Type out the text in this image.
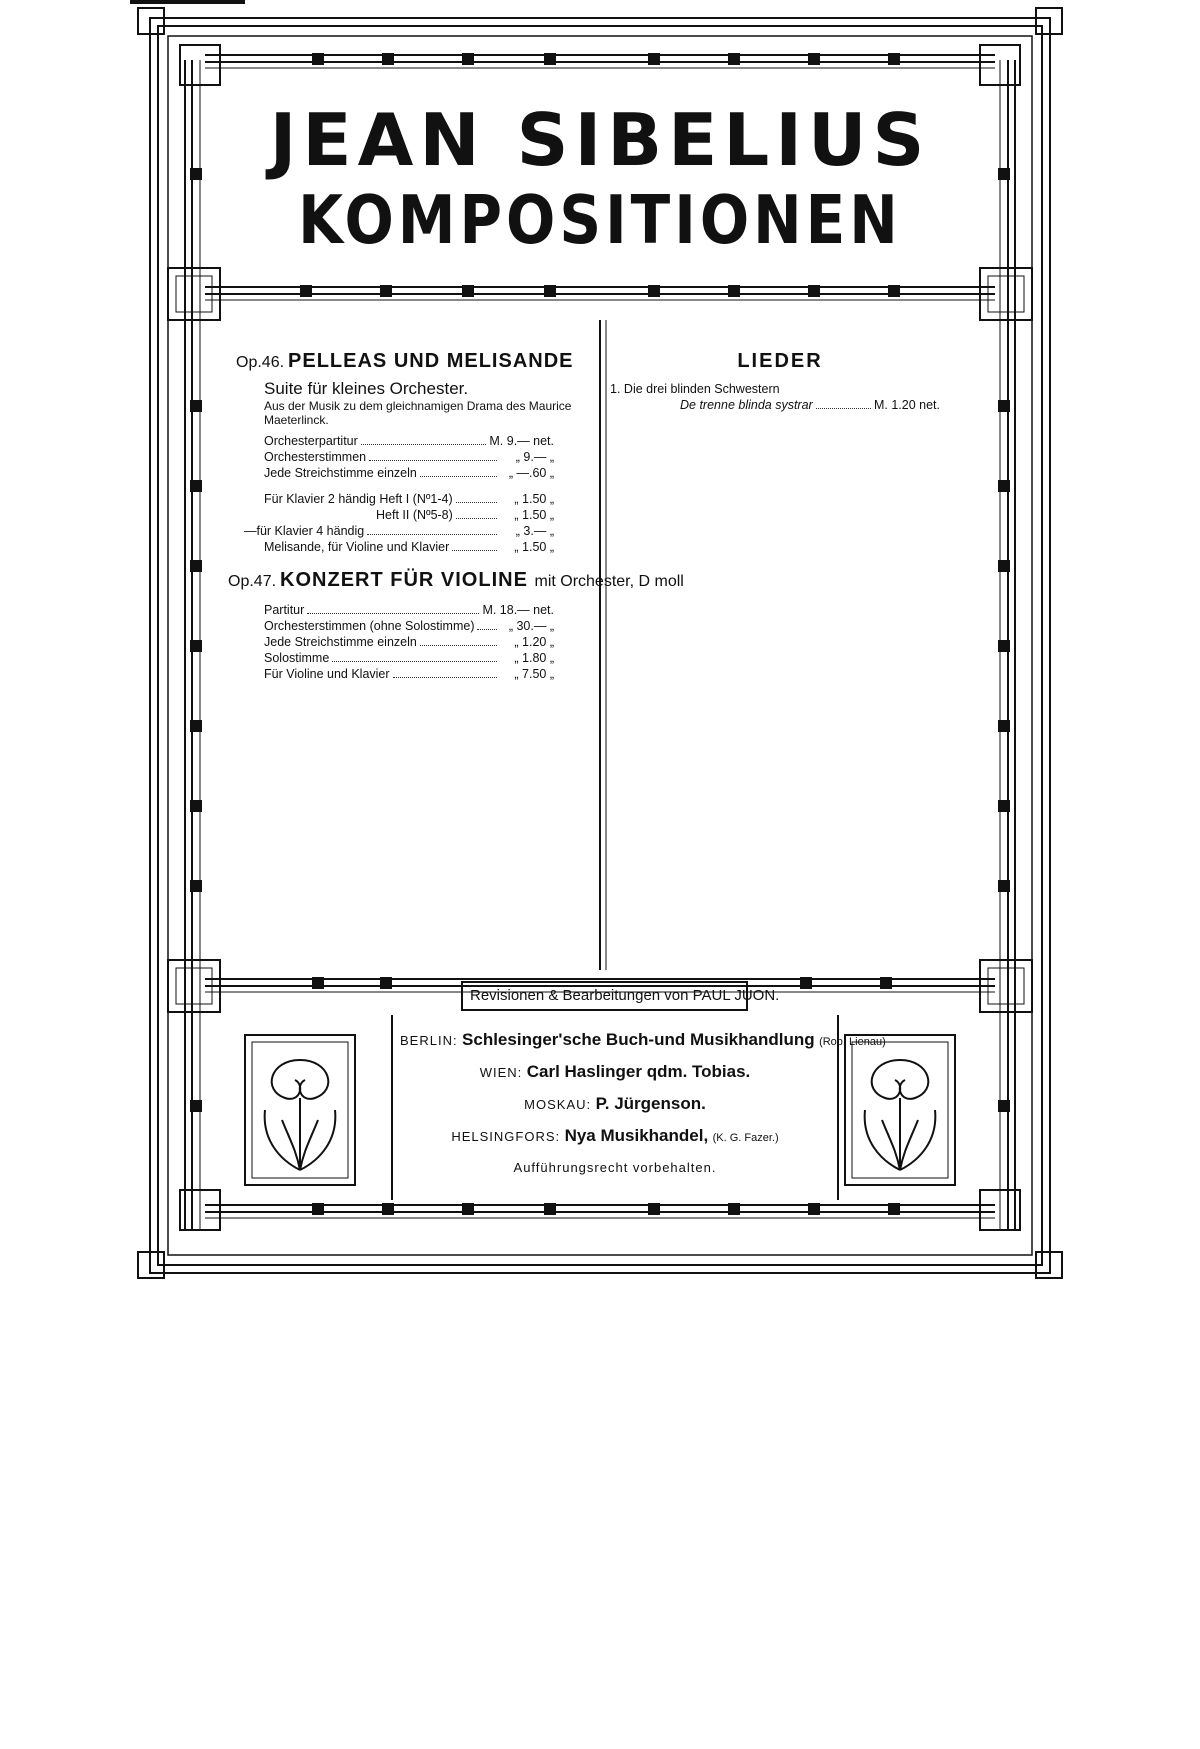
JEAN SIBELIUS
KOMPOSITIONEN
Op.46. PELLEAS UND MELISANDE
Suite für kleines Orchester.
Aus der Musik zu dem gleichnamigen Drama des Maurice Maeterlinck.
Orchesterpartitur	M. 9.— net.
Orchesterstimmen	„ 9.— „
Jede Streichstimme einzeln	„ —.60 „
Für Klavier 2 händig Heft I (Nº1-4)	„ 1.50 „
Heft II (Nº5-8)	„ 1.50 „
—für Klavier 4 händig	„ 3.— „
Melisande, für Violine und Klavier	„ 1.50 „
Op.47. KONZERT FÜR VIOLINE mit Orchester, D moll
Partitur	M. 18.— net.
Orchesterstimmen (ohne Solostimme)	„ 30.— „
Jede Streichstimme einzeln	„ 1.20 „
Solostimme	„ 1.80 „
Für Violine und Klavier	„ 7.50 „
LIEDER
1. Die drei blinden Schwestern
De trenne blinda systrar	M. 1.20 net.
Revisionen & Bearbeitungen von PAUL JUON.
BERLIN: Schlesinger'sche Buch-und Musikhandlung (Rob. Lienau)
WIEN: Carl Haslinger qdm. Tobias.
MOSKAU: P. Jürgenson.
HELSINGFORS: Nya Musikhandel, (K. G. Fazer.)
Aufführungsrecht vorbehalten.
